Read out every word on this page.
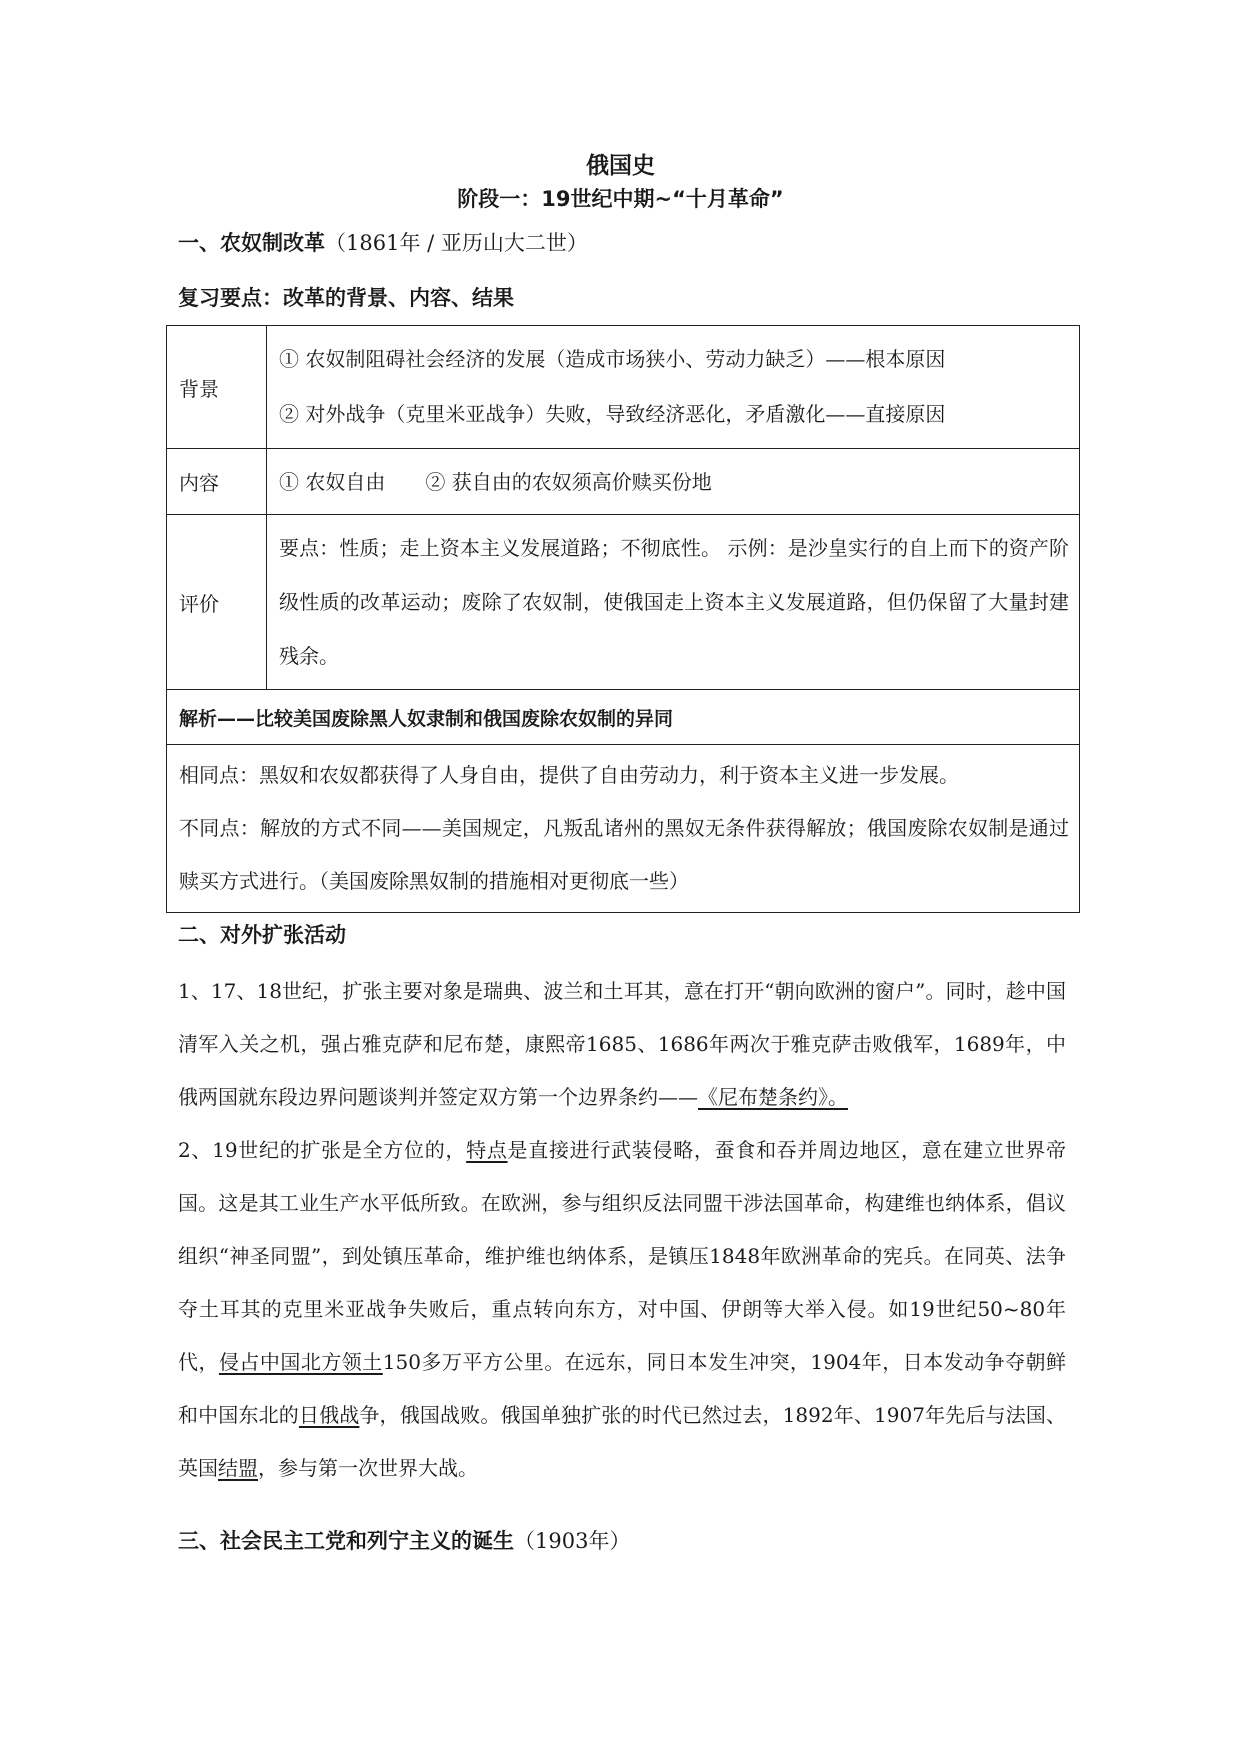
俄国史
阶段一：19世纪中期~“十月革命”
一、农奴制改革（1861年 / 亚历山大二世）
复习要点：改革的背景、内容、结果
背景	① 农奴制阻碍社会经济的发展（造成市场狭小、劳动力缺乏）——根本原因
② 对外战争（克里米亚战争）失败，导致经济恶化，矛盾激化——直接原因

内容	① 农奴自由 ② 获自由的农奴须高价赎买份地
评价	要点：性质；走上资本主义发展道路；不彻底性。 示例：是沙皇实行的自上而下的资产阶级性质的改革运动；废除了农奴制，使俄国走上资本主义发展道路，但仍保留了大量封建残余。
解析——比较美国废除黑人奴隶制和俄国废除农奴制的异同	

相同点：黑奴和农奴都获得了人身自由，提供了自由劳动力，利于资本主义进一步发展。
不同点：解放的方式不同——美国规定，凡叛乱诸州的黑奴无条件获得解放；俄国废除农奴制是通过赎买方式进行。（美国废除黑奴制的措施相对更彻底一些）	
二、对外扩张活动

1、17、18世纪，扩张主要对象是瑞典、波兰和土耳其，意在打开“朝向欧洲的窗户”。同时，趁中国清军入关之机，强占雅克萨和尼布楚，康熙帝1685、1686年两次于雅克萨击败俄军，1689年，中俄两国就东段边界问题谈判并签定双方第一个边界条约——《尼布楚条约》。

2、19世纪的扩张是全方位的，特点是直接进行武装侵略，蚕食和吞并周边地区，意在建立世界帝国。这是其工业生产水平低所致。在欧洲，参与组织反法同盟干涉法国革命，构建维也纳体系，倡议组织“神圣同盟”，到处镇压革命，维护维也纳体系，是镇压1848年欧洲革命的宪兵。在同英、法争夺土耳其的克里米亚战争失败后，重点转向东方，对中国、伊朗等大举入侵。如19世纪50~80年代，侵占中国北方领土150多万平方公里。在远东，同日本发生冲突，1904年，日本发动争夺朝鲜和中国东北的日俄战争，俄国战败。俄国单独扩张的时代已然过去，1892年、1907年先后与法国、英国结盟，参与第一次世界大战。

三、社会民主工党和列宁主义的诞生（1903年）
